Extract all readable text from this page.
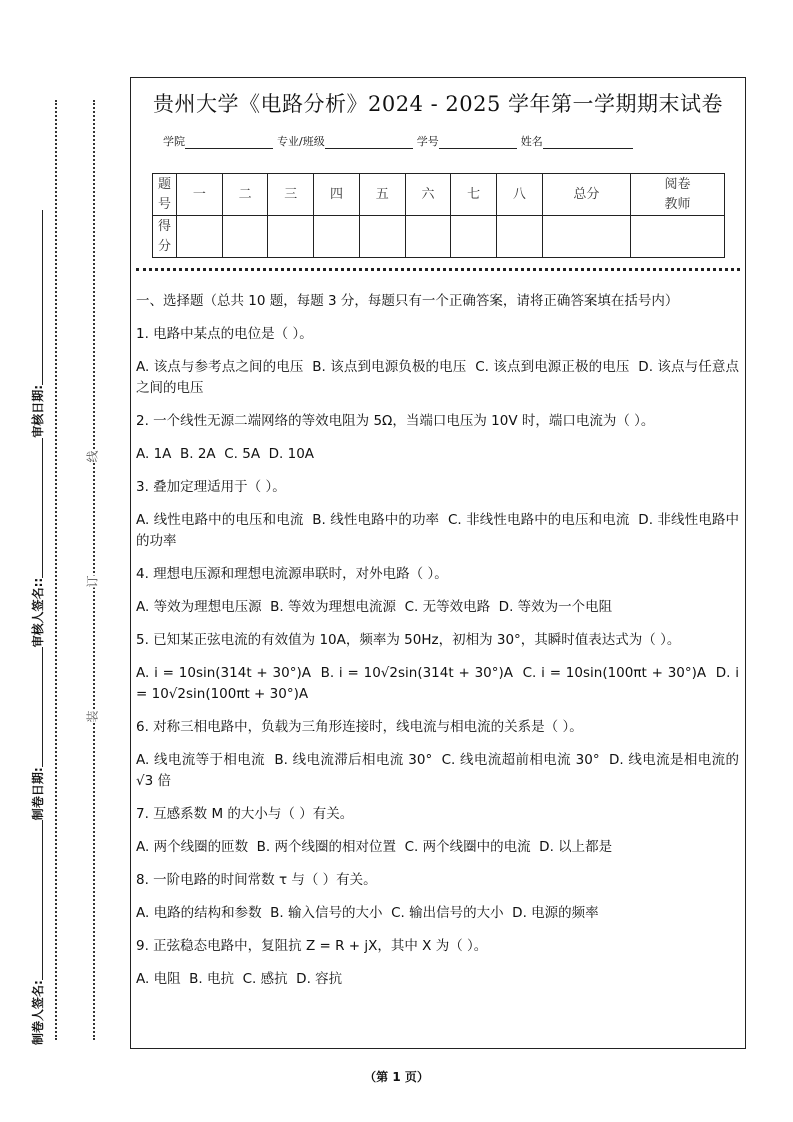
制卷人签名:
制卷日期:
审核人签名::
审核日期:
装
订
线
贵州大学《电路分析》2024 - 2025 学年第一学期期末试卷
学院	专业/班级	学号	姓名
题号	一	二	三	四	五	六	七	八	总分	阅卷教师
得分										

一、选择题（总共 10 题，每题 3 分，每题只有一个正确答案，请将正确答案填在括号内）

1. 电路中某点的电位是（ ）。

A. 该点与参考点之间的电压  B. 该点到电源负极的电压  C. 该点到电源正极的电压  D. 该点与任意点之间的电压

2. 一个线性无源二端网络的等效电阻为 5Ω，当端口电压为 10V 时，端口电流为（ ）。

A. 1A  B. 2A  C. 5A  D. 10A

3. 叠加定理适用于（ ）。

A. 线性电路中的电压和电流  B. 线性电路中的功率  C. 非线性电路中的电压和电流  D. 非线性电路中的功率

4. 理想电压源和理想电流源串联时，对外电路（ ）。

A. 等效为理想电压源  B. 等效为理想电流源  C. 无等效电路  D. 等效为一个电阻

5. 已知某正弦电流的有效值为 10A，频率为 50Hz，初相为 30°，其瞬时值表达式为（ ）。

A. i = 10sin(314t + 30°)A  B. i = 10√2sin(314t + 30°)A  C. i = 10sin(100πt + 30°)A  D. i = 10√2sin(100πt + 30°)A

6. 对称三相电路中，负载为三角形连接时，线电流与相电流的关系是（ ）。

A. 线电流等于相电流  B. 线电流滞后相电流 30°  C. 线电流超前相电流 30°  D. 线电流是相电流的√3 倍

7. 互感系数 M 的大小与（ ）有关。

A. 两个线圈的匝数  B. 两个线圈的相对位置  C. 两个线圈中的电流  D. 以上都是

8. 一阶电路的时间常数 τ 与（ ）有关。

A. 电路的结构和参数  B. 输入信号的大小  C. 输出信号的大小  D. 电源的频率

9. 正弦稳态电路中，复阻抗 Z = R + jX，其中 X 为（ ）。

A. 电阻  B. 电抗  C. 感抗  D. 容抗

（第 1 页）
